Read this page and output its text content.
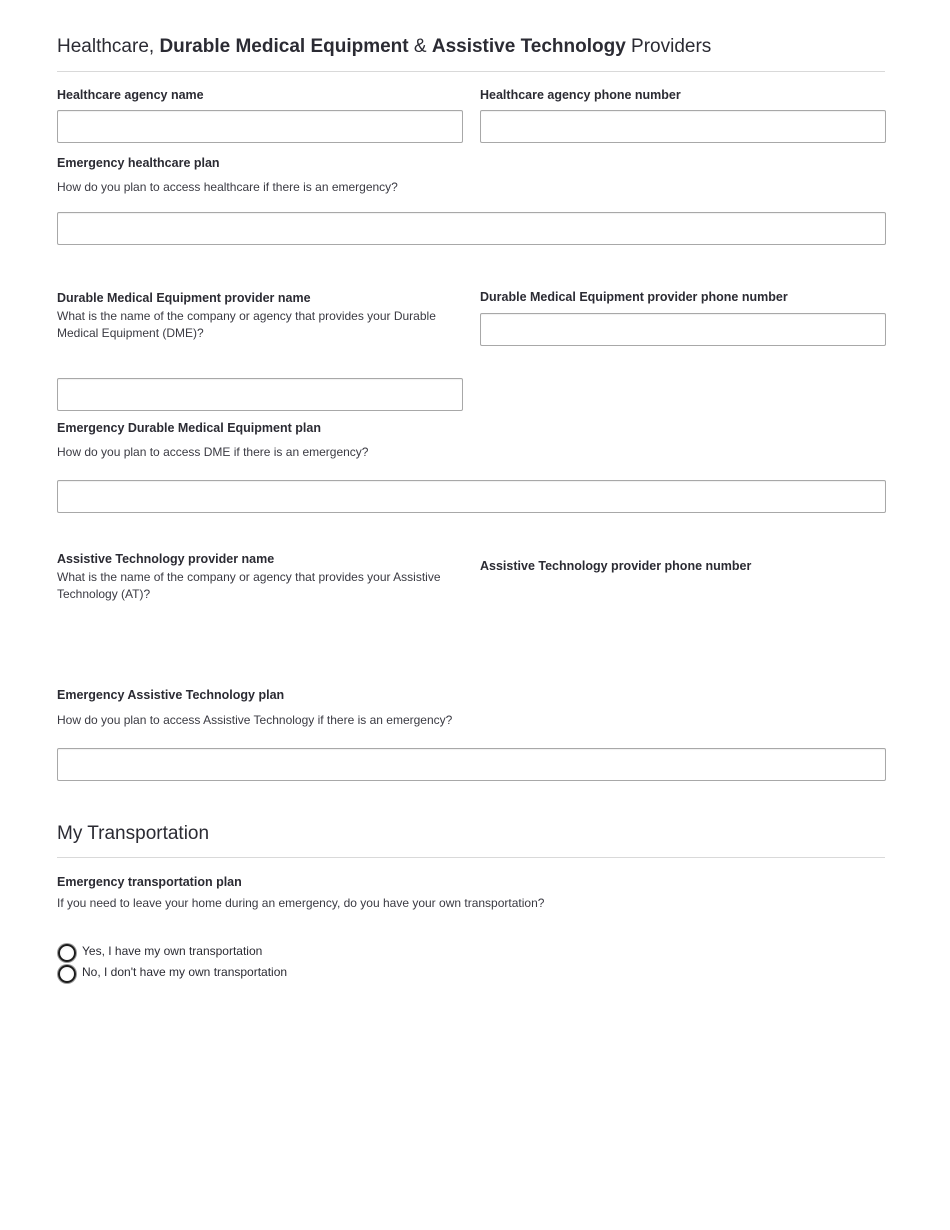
Healthcare, Durable Medical Equipment & Assistive Technology Providers
Healthcare agency name	Healthcare agency phone number
Emergency healthcare plan
How do you plan to access healthcare if there is an emergency?
Durable Medical Equipment provider name
What is the name of the company or agency that provides your Durable Medical Equipment (DME)?
Durable Medical Equipment provider phone number
Emergency Durable Medical Equipment plan
How do you plan to access DME if there is an emergency?
Assistive Technology provider name
What is the name of the company or agency that provides your Assistive Technology (AT)?
Assistive Technology provider phone number
Emergency Assistive Technology plan
How do you plan to access Assistive Technology if there is an emergency?
My Transportation
Emergency transportation plan
If you need to leave your home during an emergency, do you have your own transportation?
Yes, I have my own transportation
No, I don't have my own transportation
